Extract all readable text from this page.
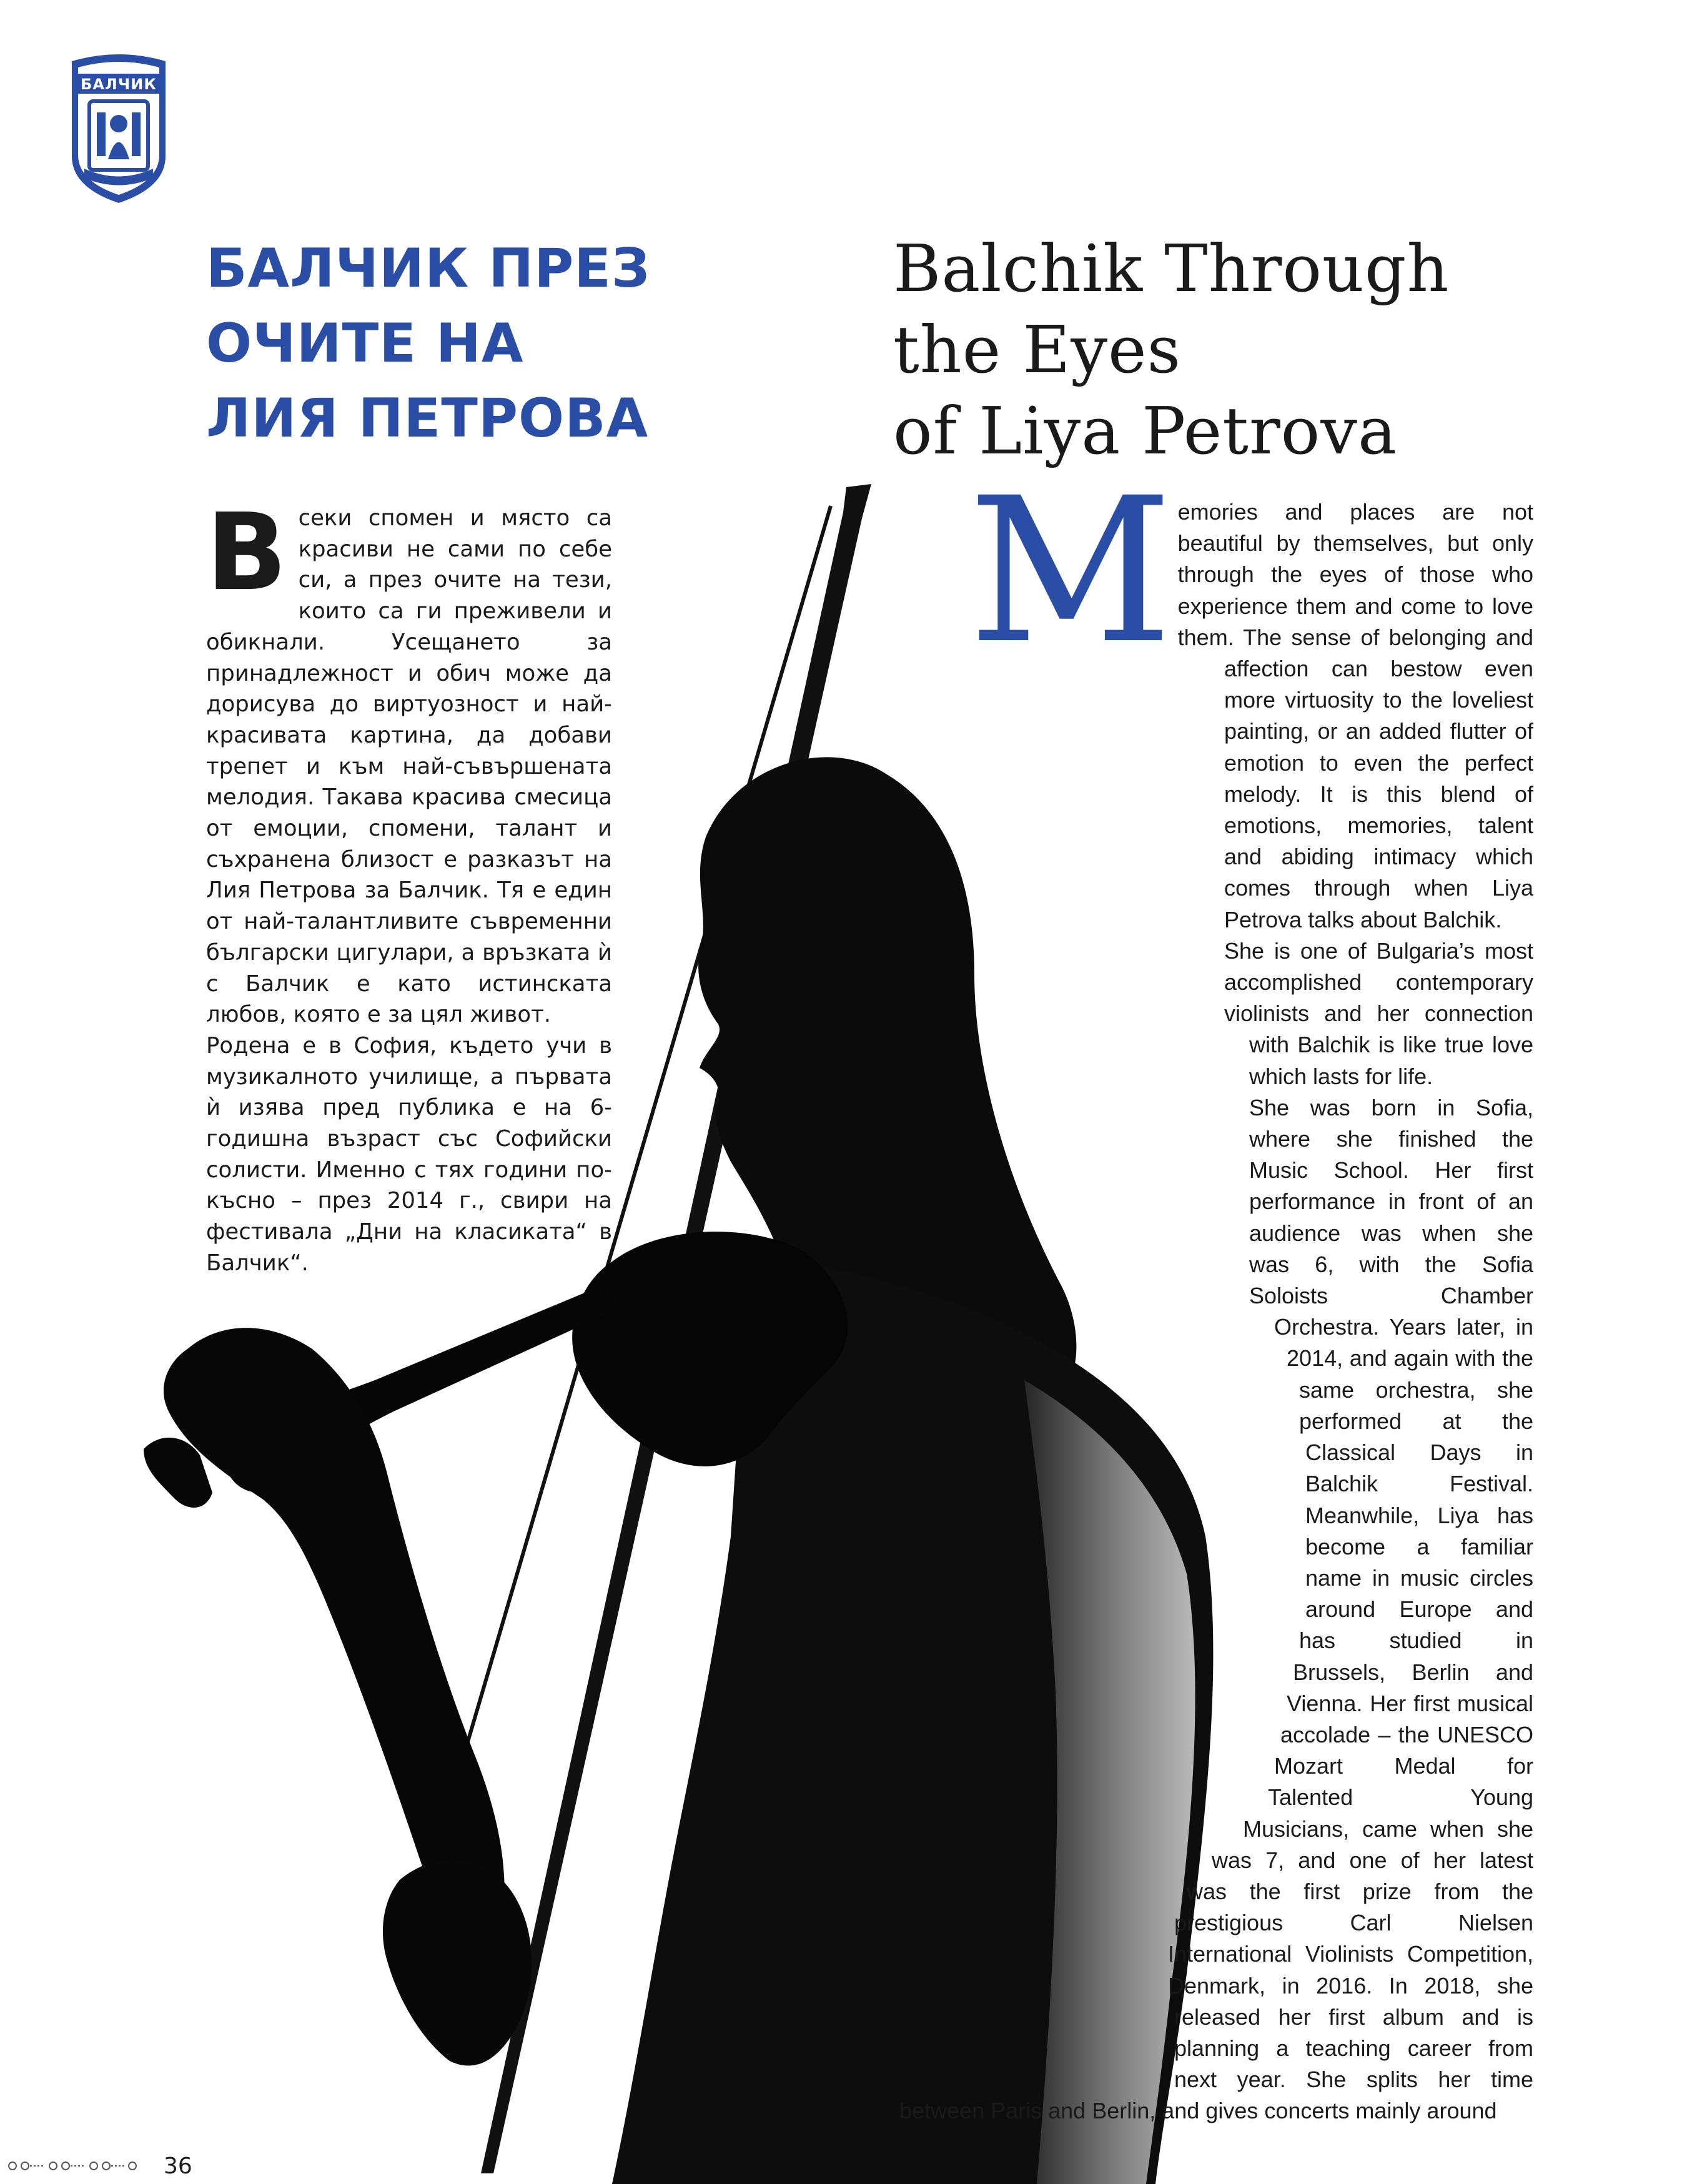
БАЛЧИК
БАЛЧИК ПРЕЗ
ОЧИТЕ НА
ЛИЯ ПЕТРОВА
Balchik Through
the Eyes
of Liya Petrova
В секи спомен и място са красиви не сами по себе си, а през очите на тези, които са ги преживели и обикнали. Усещането за принадлежност и обич може да дорисува до виртуозност и най-красивата картина, да добави трепет и към най-съвършената мелодия. Такава красива смесица от емоции, спомени, талант и съхранена близост е разказът на Лия Петрова за Балчик. Тя е един от най-талантливите съвременни български цигулари, а връзката ѝ с Балчик е като истинската любов, която е за цял живот.

Родена е в София, където учи в музикалното училище, а първата ѝ изява пред публика е на 6-годишна възраст със Софийски солисти. Именно с тях години по-късно – през 2014 г., свири на фестивала „Дни на класиката“ в Балчик“.

M emories and places are not beautiful by themselves, but only through the eyes of those who experience them and come to love them. The sense of belonging and affection can bestow even more virtuosity to the loveliest painting, or an added flutter of emotion to even the perfect melody. It is this blend of emotions, memories, talent and abiding intimacy which comes through when Liya Petrova talks about Balchik.

She is one of Bulgaria’s most accomplished contemporary violinists and her connection with Balchik is like true love which lasts for life.

She was born in Sofia, where she finished the Music School. Her first performance in front of an audience was when she was 6, with the Sofia Soloists Chamber Orchestra. Years later, in 2014, and again with the same orchestra, she performed at the Classical Days in Balchik Festival. Meanwhile, Liya has become a familiar name in music circles around Europe and has studied in Brussels, Berlin and Vienna. Her first musical accolade – the UNESCO Mozart Medal for Talented Young Musicians, came when she was 7, and one of her latest was the first prize from the prestigious Carl Nielsen International Violinists Competition, Denmark, in 2016. In 2018, she released her first album and is planning a teaching career from next year. She splits her time between Paris and Berlin, and gives concerts mainly around

36
